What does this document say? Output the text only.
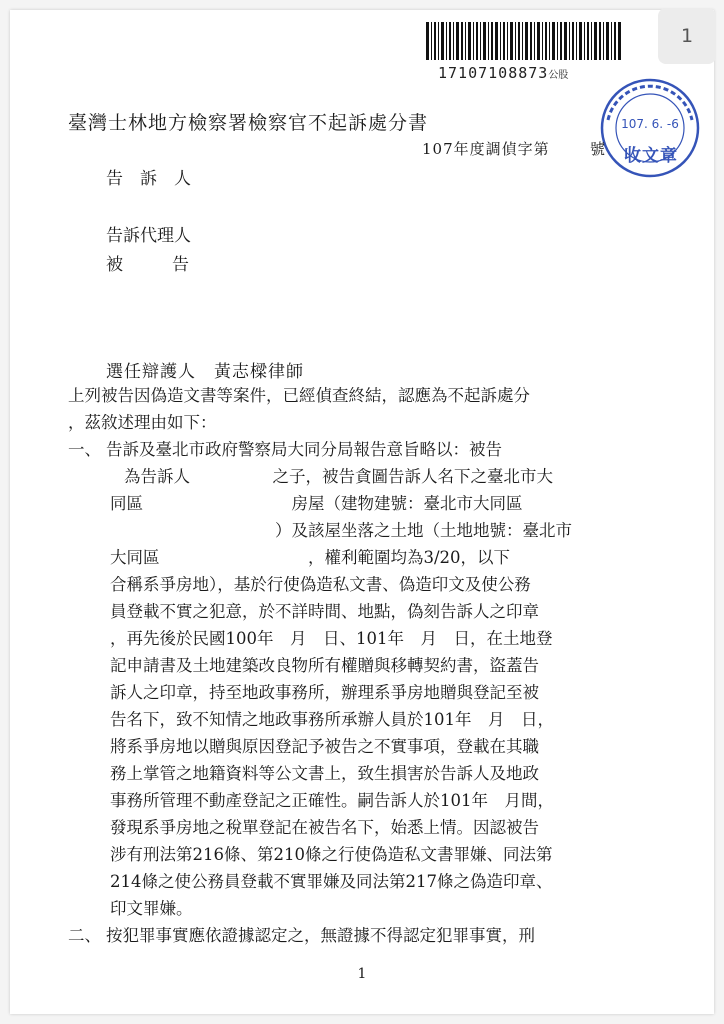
1
17107108873公股
107. 6. -6
收文章
臺灣士林地方檢察署檢察官不起訴處分書
107年度調偵字第	號
告訴人
告訴代理人
被告
選任辯護人　黃志樑律師
上列被告因偽造文書等案件，已經偵查終結，認應為不起訴處分
，茲敘述理由如下：
一、 告訴及臺北市政府警察局大同分局報告意旨略以：被告
為告訴人　　　　　之子，被告貪圖告訴人名下之臺北市大
同區　　　　　　　　　房屋（建物建號：臺北市大同區
　　　　　　　　　　）及該屋坐落之土地（土地地號：臺北市
大同區　　　　　　　　　，權利範圍均為3/20，以下
合稱系爭房地），基於行使偽造私文書、偽造印文及使公務
員登載不實之犯意，於不詳時間、地點，偽刻告訴人之印章
，再先後於民國100年　月　日、101年　月　日，在土地登
記申請書及土地建築改良物所有權贈與移轉契約書，盜蓋告
訴人之印章，持至地政事務所，辦理系爭房地贈與登記至被
告名下，致不知情之地政事務所承辦人員於101年　月　日，
將系爭房地以贈與原因登記予被告之不實事項，登載在其職
務上掌管之地籍資料等公文書上，致生損害於告訴人及地政
事務所管理不動產登記之正確性。嗣告訴人於101年　月間，
發現系爭房地之稅單登記在被告名下，始悉上情。因認被告
涉有刑法第216條、第210條之行使偽造私文書罪嫌、同法第
214條之使公務員登載不實罪嫌及同法第217條之偽造印章、
印文罪嫌。
二、 按犯罪事實應依證據認定之，無證據不得認定犯罪事實，刑
1
